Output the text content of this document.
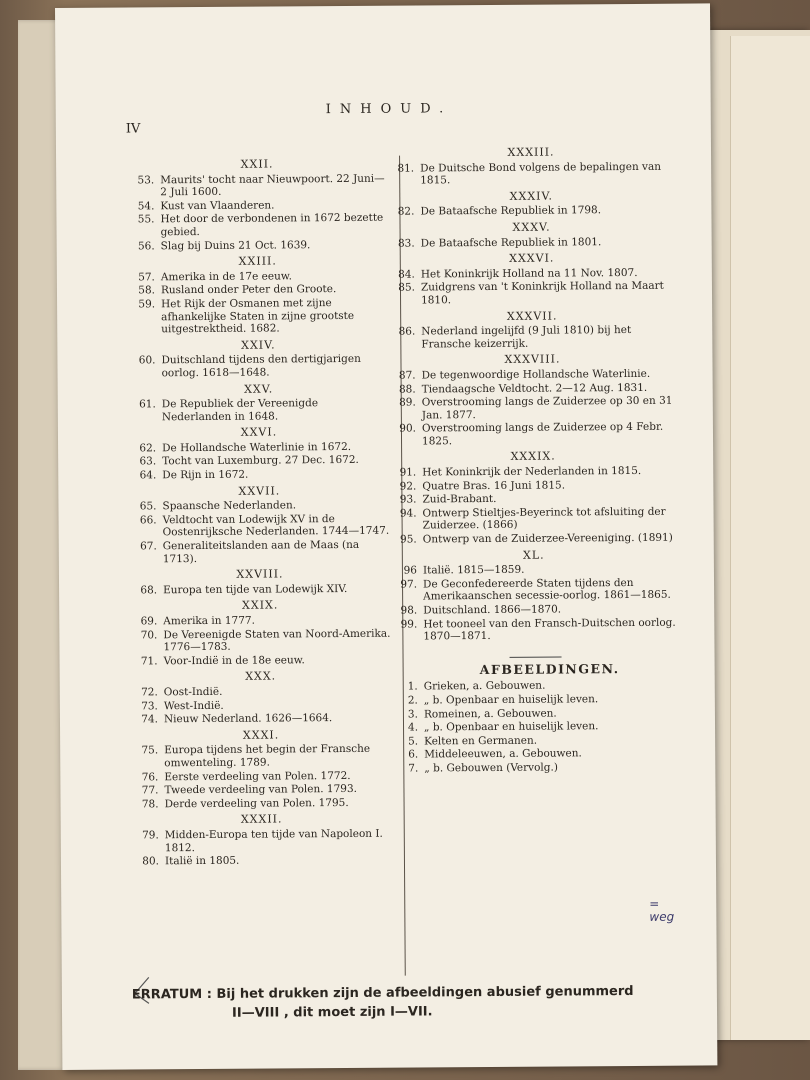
IV
INHOUD.
XXII.
53. Maurits' tocht naar Nieuwpoort. 22 Juni—2 Juli 1600.
54. Kust van Vlaanderen.
55. Het door de verbondenen in 1672 bezette gebied.
56. Slag bij Duins 21 Oct. 1639.
XXIII.
57. Amerika in de 17e eeuw.
58. Rusland onder Peter den Groote.
59. Het Rijk der Osmanen met zijne afhankelijke Staten in zijne grootste uitgestrektheid. 1682.
XXIV.
60. Duitschland tijdens den dertigjarigen oorlog. 1618—1648.
XXV.
61. De Republiek der Vereenigde Nederlanden in 1648.
XXVI.
62. De Hollandsche Waterlinie in 1672.
63. Tocht van Luxemburg. 27 Dec. 1672.
64. De Rijn in 1672.
XXVII.
65. Spaansche Nederlanden.
66. Veldtocht van Lodewijk XV in de Oostenrijksche Nederlanden. 1744—1747.
67. Generaliteitslanden aan de Maas (na 1713).
XXVIII.
68. Europa ten tijde van Lodewijk XIV.
XXIX.
69. Amerika in 1777.
70. De Vereenigde Staten van Noord-Amerika. 1776—1783.
71. Voor-Indië in de 18e eeuw.
XXX.
72. Oost-Indië.
73. West-Indië.
74. Nieuw Nederland. 1626—1664.
XXXI.
75. Europa tijdens het begin der Fransche omwenteling. 1789.
76. Eerste verdeeling van Polen. 1772.
77. Tweede verdeeling van Polen. 1793.
78. Derde verdeeling van Polen. 1795.
XXXII.
79. Midden-Europa ten tijde van Napoleon I. 1812.
80. Italië in 1805.
XXXIII.
81. De Duitsche Bond volgens de bepalingen van 1815.
XXXIV.
82. De Bataafsche Republiek in 1798.
XXXV.
83. De Bataafsche Republiek in 1801.
XXXVI.
84. Het Koninkrijk Holland na 11 Nov. 1807.
85. Zuidgrens van 't Koninkrijk Holland na Maart 1810.
XXXVII.
86. Nederland ingelijfd (9 Juli 1810) bij het Fransche keizerrijk.
XXXVIII.
87. De tegenwoordige Hollandsche Waterlinie.
88. Tiendaagsche Veldtocht. 2—12 Aug. 1831.
89. Overstrooming langs de Zuiderzee op 30 en 31 Jan. 1877.
90. Overstrooming langs de Zuiderzee op 4 Febr. 1825.
XXXIX.
91. Het Koninkrijk der Nederlanden in 1815.
92. Quatre Bras. 16 Juni 1815.
93. Zuid-Brabant.
94. Ontwerp Stieltjes-Beyerinck tot afsluiting der Zuiderzee. (1866)
95. Ontwerp van de Zuiderzee-Vereeniging. (1891)
XL.
96 Italië. 1815—1859.
97. De Geconfedereerde Staten tijdens den Amerikaanschen secessie-oorlog. 1861—1865.
98. Duitschland. 1866—1870.
99. Het tooneel van den Fransch-Duitschen oorlog. 1870—1871.
AFBEELDINGEN.
1. Grieken, a. Gebouwen.
2. „ b. Openbaar en huiselijk leven.
3. Romeinen, a. Gebouwen.
4. „ b. Openbaar en huiselijk leven.
5. Kelten en Germanen.
6. Middeleeuwen, a. Gebouwen.
7. „ b. Gebouwen (Vervolg.)
= weg
ERRATUM : Bij het drukken zijn de afbeeldingen abusief genummerd
II—VIII , dit moet zijn I—VII.
